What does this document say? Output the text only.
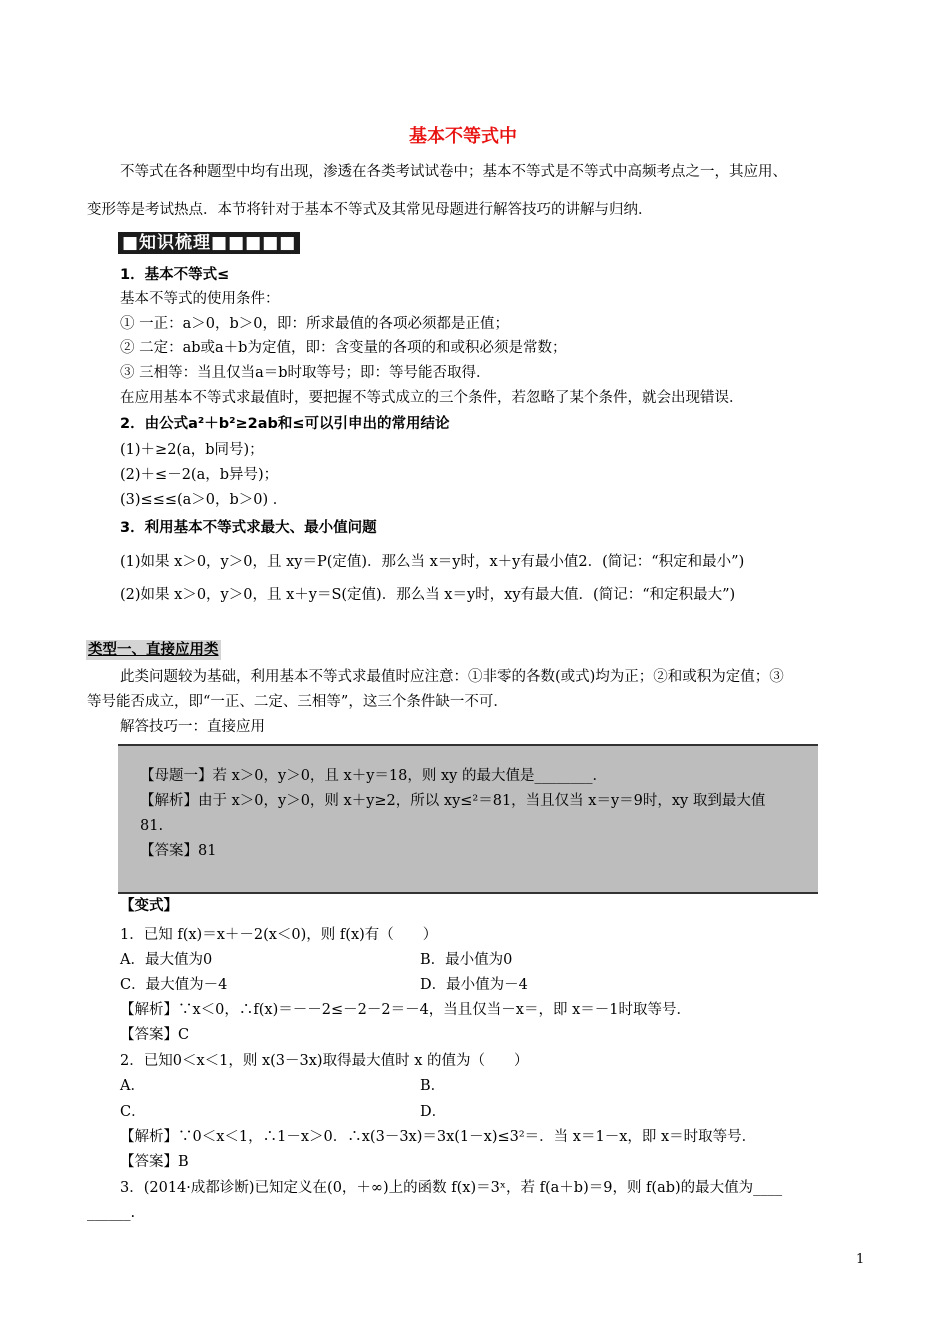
基本不等式中
不等式在各种题型中均有出现，渗透在各类考试试卷中；基本不等式是不等式中高频考点之一，其应用、
变形等是考试热点．本节将针对于基本不等式及其常见母题进行解答技巧的讲解与归纳．
■知识梳理■■■■■
1．基本不等式≤
基本不等式的使用条件：
① 一正：a＞0，b＞0，即：所求最值的各项必须都是正值；
② 二定：ab或a＋b为定值，即：含变量的各项的和或积必须是常数；
③ 三相等：当且仅当a＝b时取等号；即：等号能否取得．
在应用基本不等式求最值时，要把握不等式成立的三个条件，若忽略了某个条件，就会出现错误．
2．由公式a²＋b²≥2ab和≤可以引申出的常用结论
(1)＋≥2(a，b同号)；
(2)＋≤－2(a，b异号)；
(3)≤≤≤(a＞0，b＞0) ．
3．利用基本不等式求最大、最小值问题
(1)如果 x＞0，y＞0，且 xy＝P(定值)．那么当 x＝y时，x＋y有最小值2．(简记：“积定和最小”)
(2)如果 x＞0，y＞0，且 x＋y＝S(定值)．那么当 x＝y时，xy有最大值．(简记：“和定积最大”)
类型一、直接应用类
此类问题较为基础，利用基本不等式求最值时应注意：①非零的各数(或式)均为正；②和或积为定值；③
等号能否成立，即“一正、二定、三相等”，这三个条件缺一不可．
解答技巧一：直接应用
【母题一】若 x＞0，y＞0，且 x＋y＝18，则 xy 的最大值是________．
【解析】由于 x＞0，y＞0，则 x＋y≥2，所以 xy≤²＝81，当且仅当 x＝y＝9时，xy 取到最大值
81.
【答案】81
【变式】
1．已知 f(x)＝x＋－2(x＜0)，则 f(x)有（　　）
A．最大值为0	B．最小值为0
C．最大值为－4	D．最小值为－4
【解析】∵x＜0，∴f(x)＝－－2≤－2－2＝－4，当且仅当－x＝，即 x＝－1时取等号．
【答案】C
2．已知0＜x＜1，则 x(3－3x)取得最大值时 x 的值为（　　）
A．	B．
C．	D．
【解析】∵0＜x＜1，∴1－x＞0．∴x(3－3x)＝3x(1－x)≤3²＝．当 x＝1－x，即 x＝时取等号．
【答案】B
3．(2014·成都诊断)已知定义在(0，＋∞)上的函数 f(x)＝3ˣ，若 f(a＋b)＝9，则 f(ab)的最大值为____
______.
1
